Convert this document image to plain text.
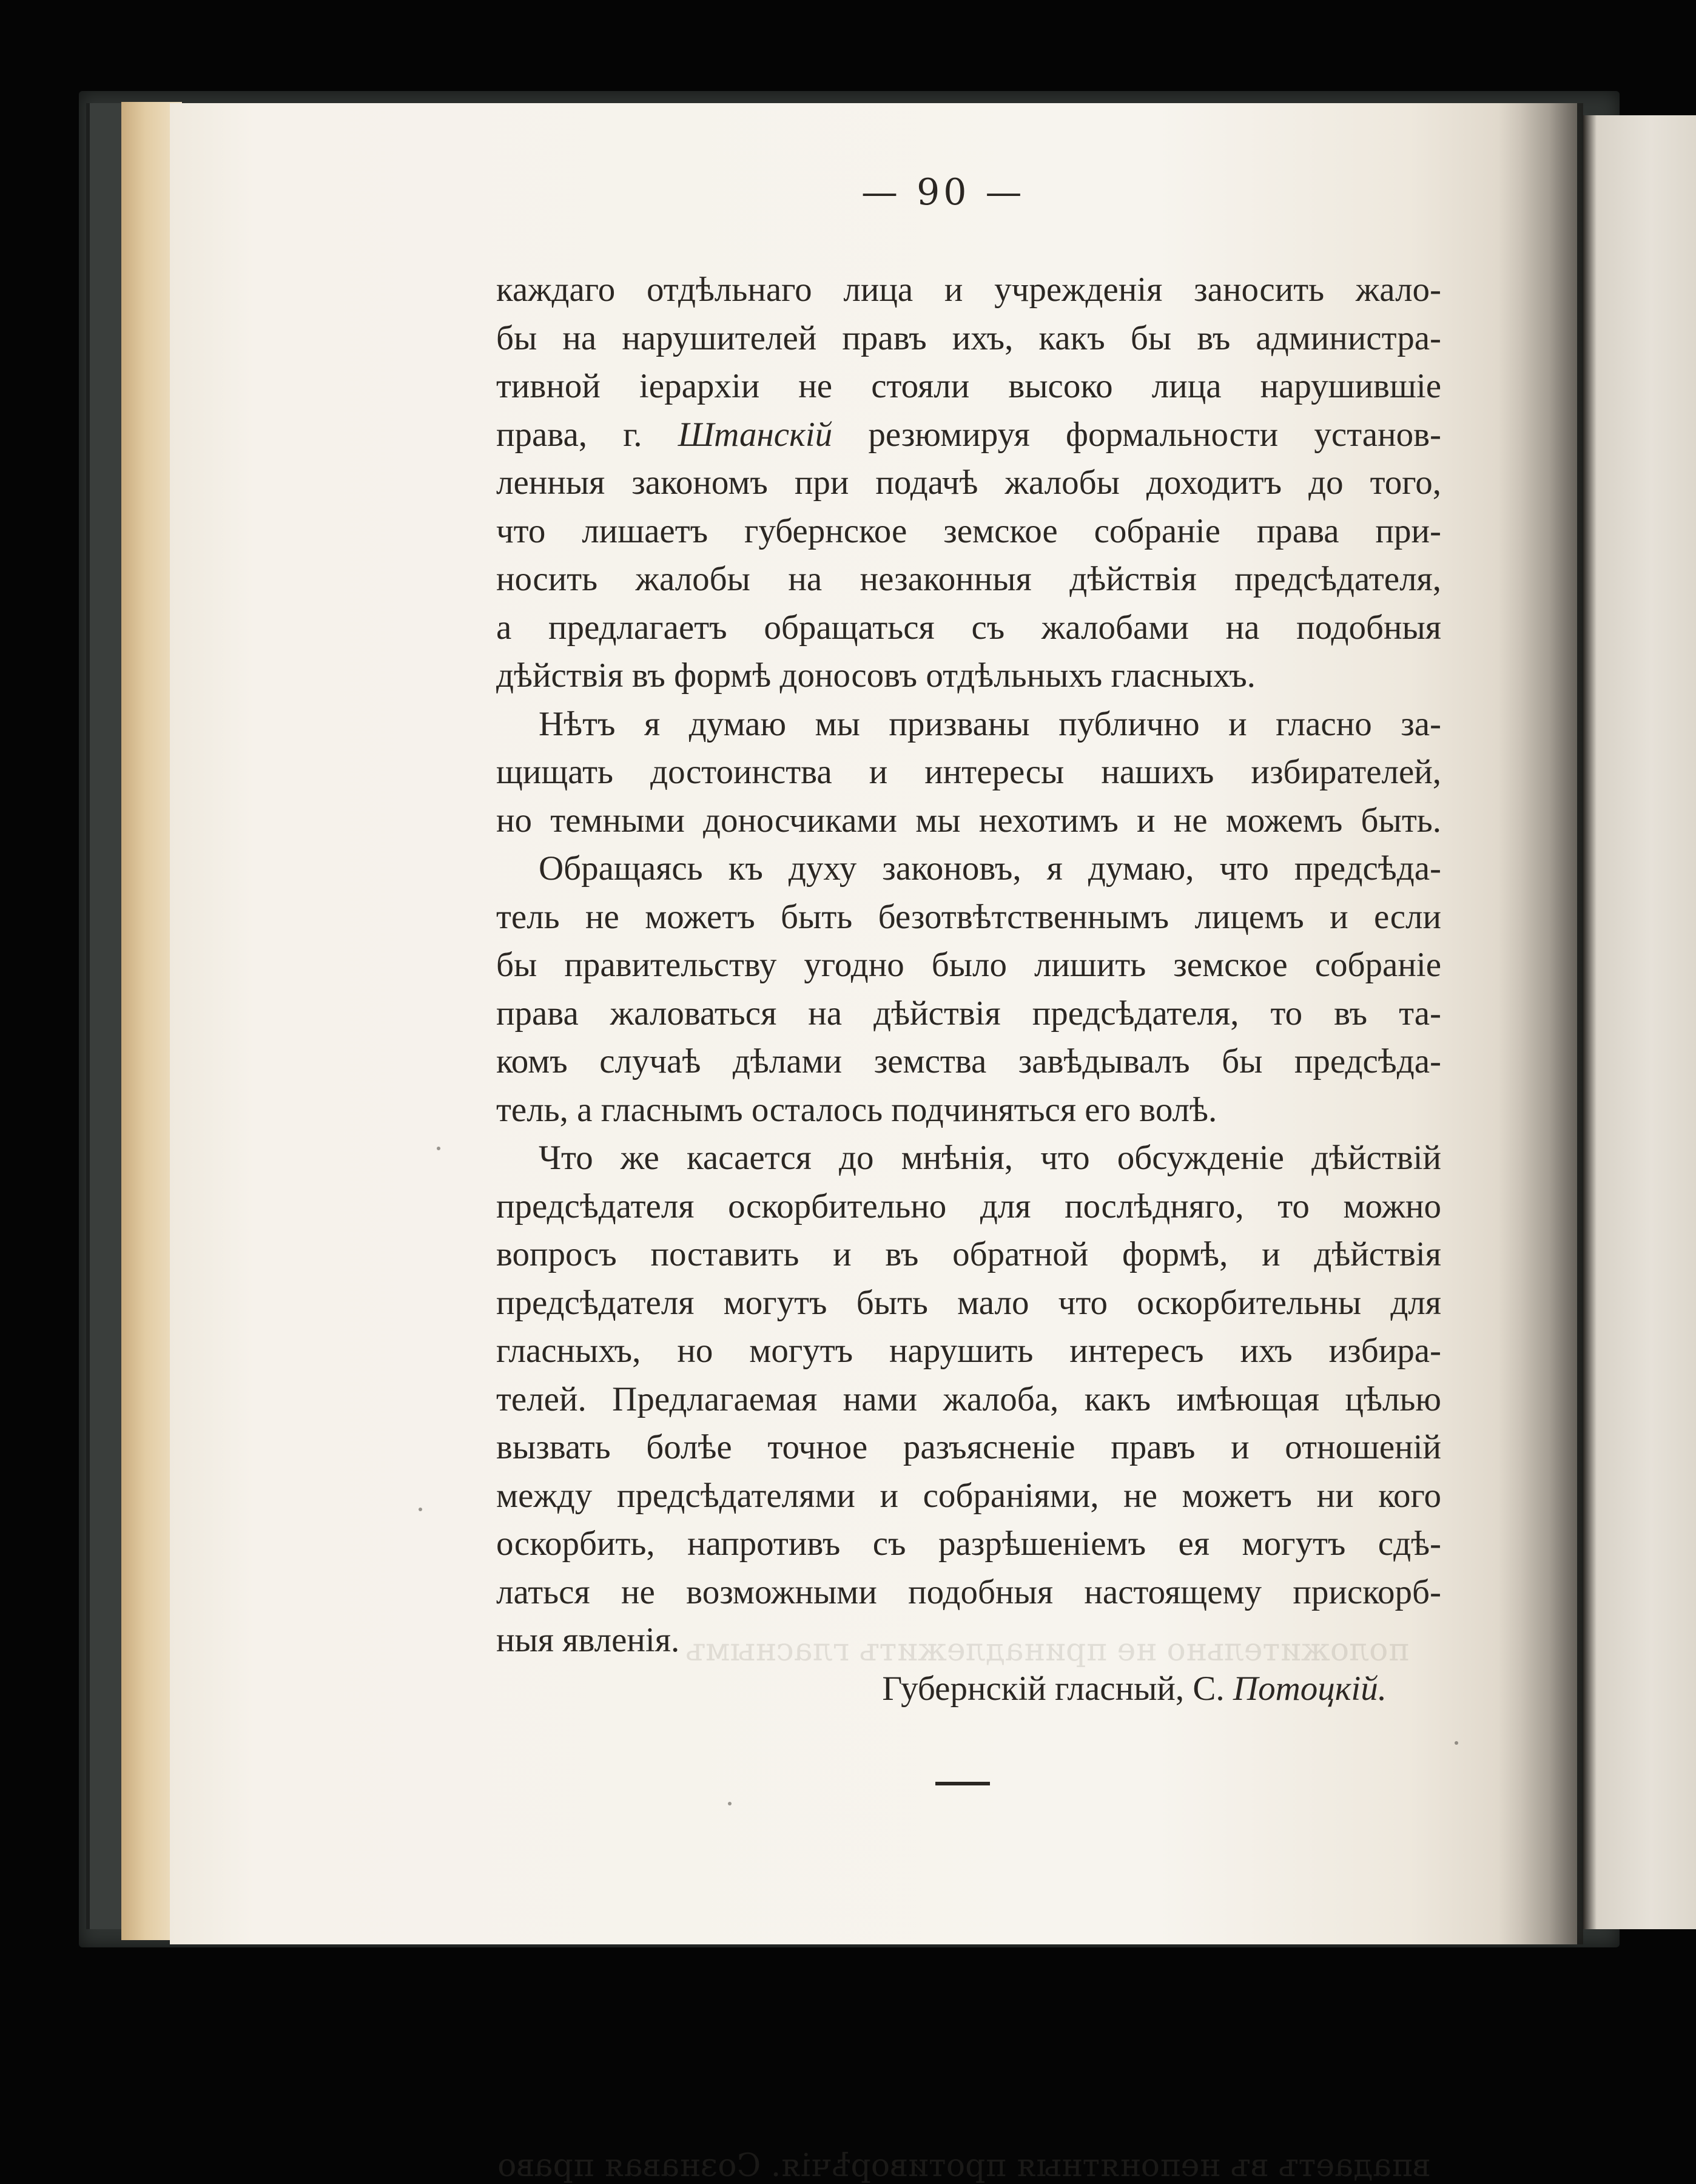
положительно не принадлежитъ гласнымъ
впадаетъ въ непонятныя противорѣчія. Сознавая право
— 90 —
каждаго отдѣльнаго лица и учрежденія заносить жало-
бы на нарушителей правъ ихъ, какъ бы въ администра-
тивной іерархіи не стояли высоко лица нарушившіе
права, г. Штанскій резюмируя формальности установ-
ленныя закономъ при подачѣ жалобы доходитъ до того,
что лишаетъ губернское земское собраніе права при-
носить жалобы на незаконныя дѣйствія предсѣдателя,
а предлагаетъ обращаться съ жалобами на подобныя
дѣйствія въ формѣ доносовъ отдѣльныхъ гласныхъ.
Нѣтъ я думаю мы призваны публично и гласно за-
щищать достоинства и интересы нашихъ избирателей,
но темными доносчиками мы нехотимъ и не можемъ быть.
Обращаясь къ духу законовъ, я думаю, что предсѣда-
тель не можетъ быть безотвѣтственнымъ лицемъ и если
бы правительству угодно было лишить земское собраніе
права жаловаться на дѣйствія предсѣдателя, то въ та-
комъ случаѣ дѣлами земства завѣдывалъ бы предсѣда-
тель, а гласнымъ осталось подчиняться его волѣ.
Что же касается до мнѣнія, что обсужденіе дѣйствій
предсѣдателя оскорбительно для послѣдняго, то можно
вопросъ поставить и въ обратной формѣ, и дѣйствія
предсѣдателя могутъ быть мало что оскорбительны для
гласныхъ, но могутъ нарушить интересъ ихъ избира-
телей. Предлагаемая нами жалоба, какъ имѣющая цѣлью
вызвать болѣе точное разъясненіе правъ и отношеній
между предсѣдателями и собраніями, не можетъ ни кого
оскорбить, напротивъ съ разрѣшеніемъ ея могутъ сдѣ-
латься не возможными подобныя настоящему прискорб-
ныя явленія.
Губернскій гласный, С. Потоцкій.
